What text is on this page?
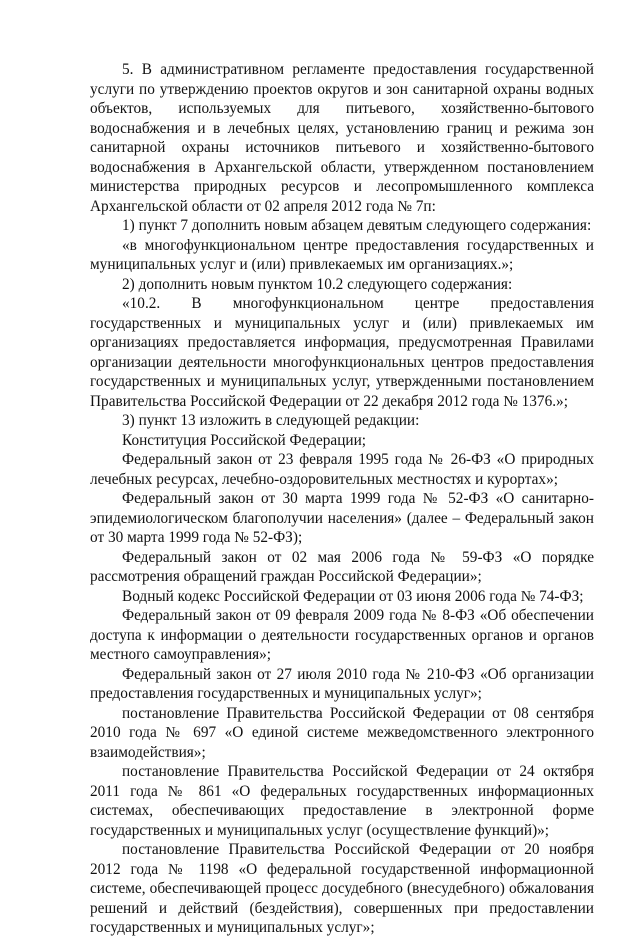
5. В административном регламенте предоставления государственной услуги по утверждению проектов округов и зон санитарной охраны водных объектов, используемых для питьевого, хозяйственно-бытового водоснабжения и в лечебных целях, установлению границ и режима зон санитарной охраны источников питьевого и хозяйственно-бытового водоснабжения в Архангельской области, утвержденном постановлением министерства природных ресурсов и лесопромышленного комплекса Архангельской области от 02 апреля 2012 года № 7п:

1) пункт 7 дополнить новым абзацем девятым следующего содержания:

«в многофункциональном центре предоставления государственных и муниципальных услуг и (или) привлекаемых им организациях.»;

2) дополнить новым пунктом 10.2 следующего содержания:

«10.2. В многофункциональном центре предоставления государственных и муниципальных услуг и (или) привлекаемых им организациях предоставляется информация, предусмотренная Правилами организации деятельности многофункциональных центров предоставления государственных и муниципальных услуг, утвержденными постановлением Правительства Российской Федерации от 22 декабря 2012 года № 1376.»;

3) пункт 13 изложить в следующей редакции:

Конституция Российской Федерации;

Федеральный закон от 23 февраля 1995 года № 26-ФЗ «О природных лечебных ресурсах, лечебно-оздоровительных местностях и курортах»;

Федеральный закон от 30 марта 1999 года № 52-ФЗ «О санитарно-эпидемиологическом благополучии населения» (далее – Федеральный закон от 30 марта 1999 года № 52-ФЗ);

Федеральный закон от 02 мая 2006 года № 59-ФЗ «О порядке рассмотрения обращений граждан Российской Федерации»;

Водный кодекс Российской Федерации от 03 июня 2006 года № 74-ФЗ;

Федеральный закон от 09 февраля 2009 года № 8-ФЗ «Об обеспечении доступа к информации о деятельности государственных органов и органов местного самоуправления»;

Федеральный закон от 27 июля 2010 года № 210-ФЗ «Об организации предоставления государственных и муниципальных услуг»;

постановление Правительства Российской Федерации от 08 сентября 2010 года № 697 «О единой системе межведомственного электронного взаимодействия»;

постановление Правительства Российской Федерации от 24 октября 2011 года № 861 «О федеральных государственных информационных системах, обеспечивающих предоставление в электронной форме государственных и муниципальных услуг (осуществление функций)»;

постановление Правительства Российской Федерации от 20 ноября 2012 года № 1198 «О федеральной государственной информационной системе, обеспечивающей процесс досудебного (внесудебного) обжалования решений и действий (бездействия), совершенных при предоставлении государственных и муниципальных услуг»;
